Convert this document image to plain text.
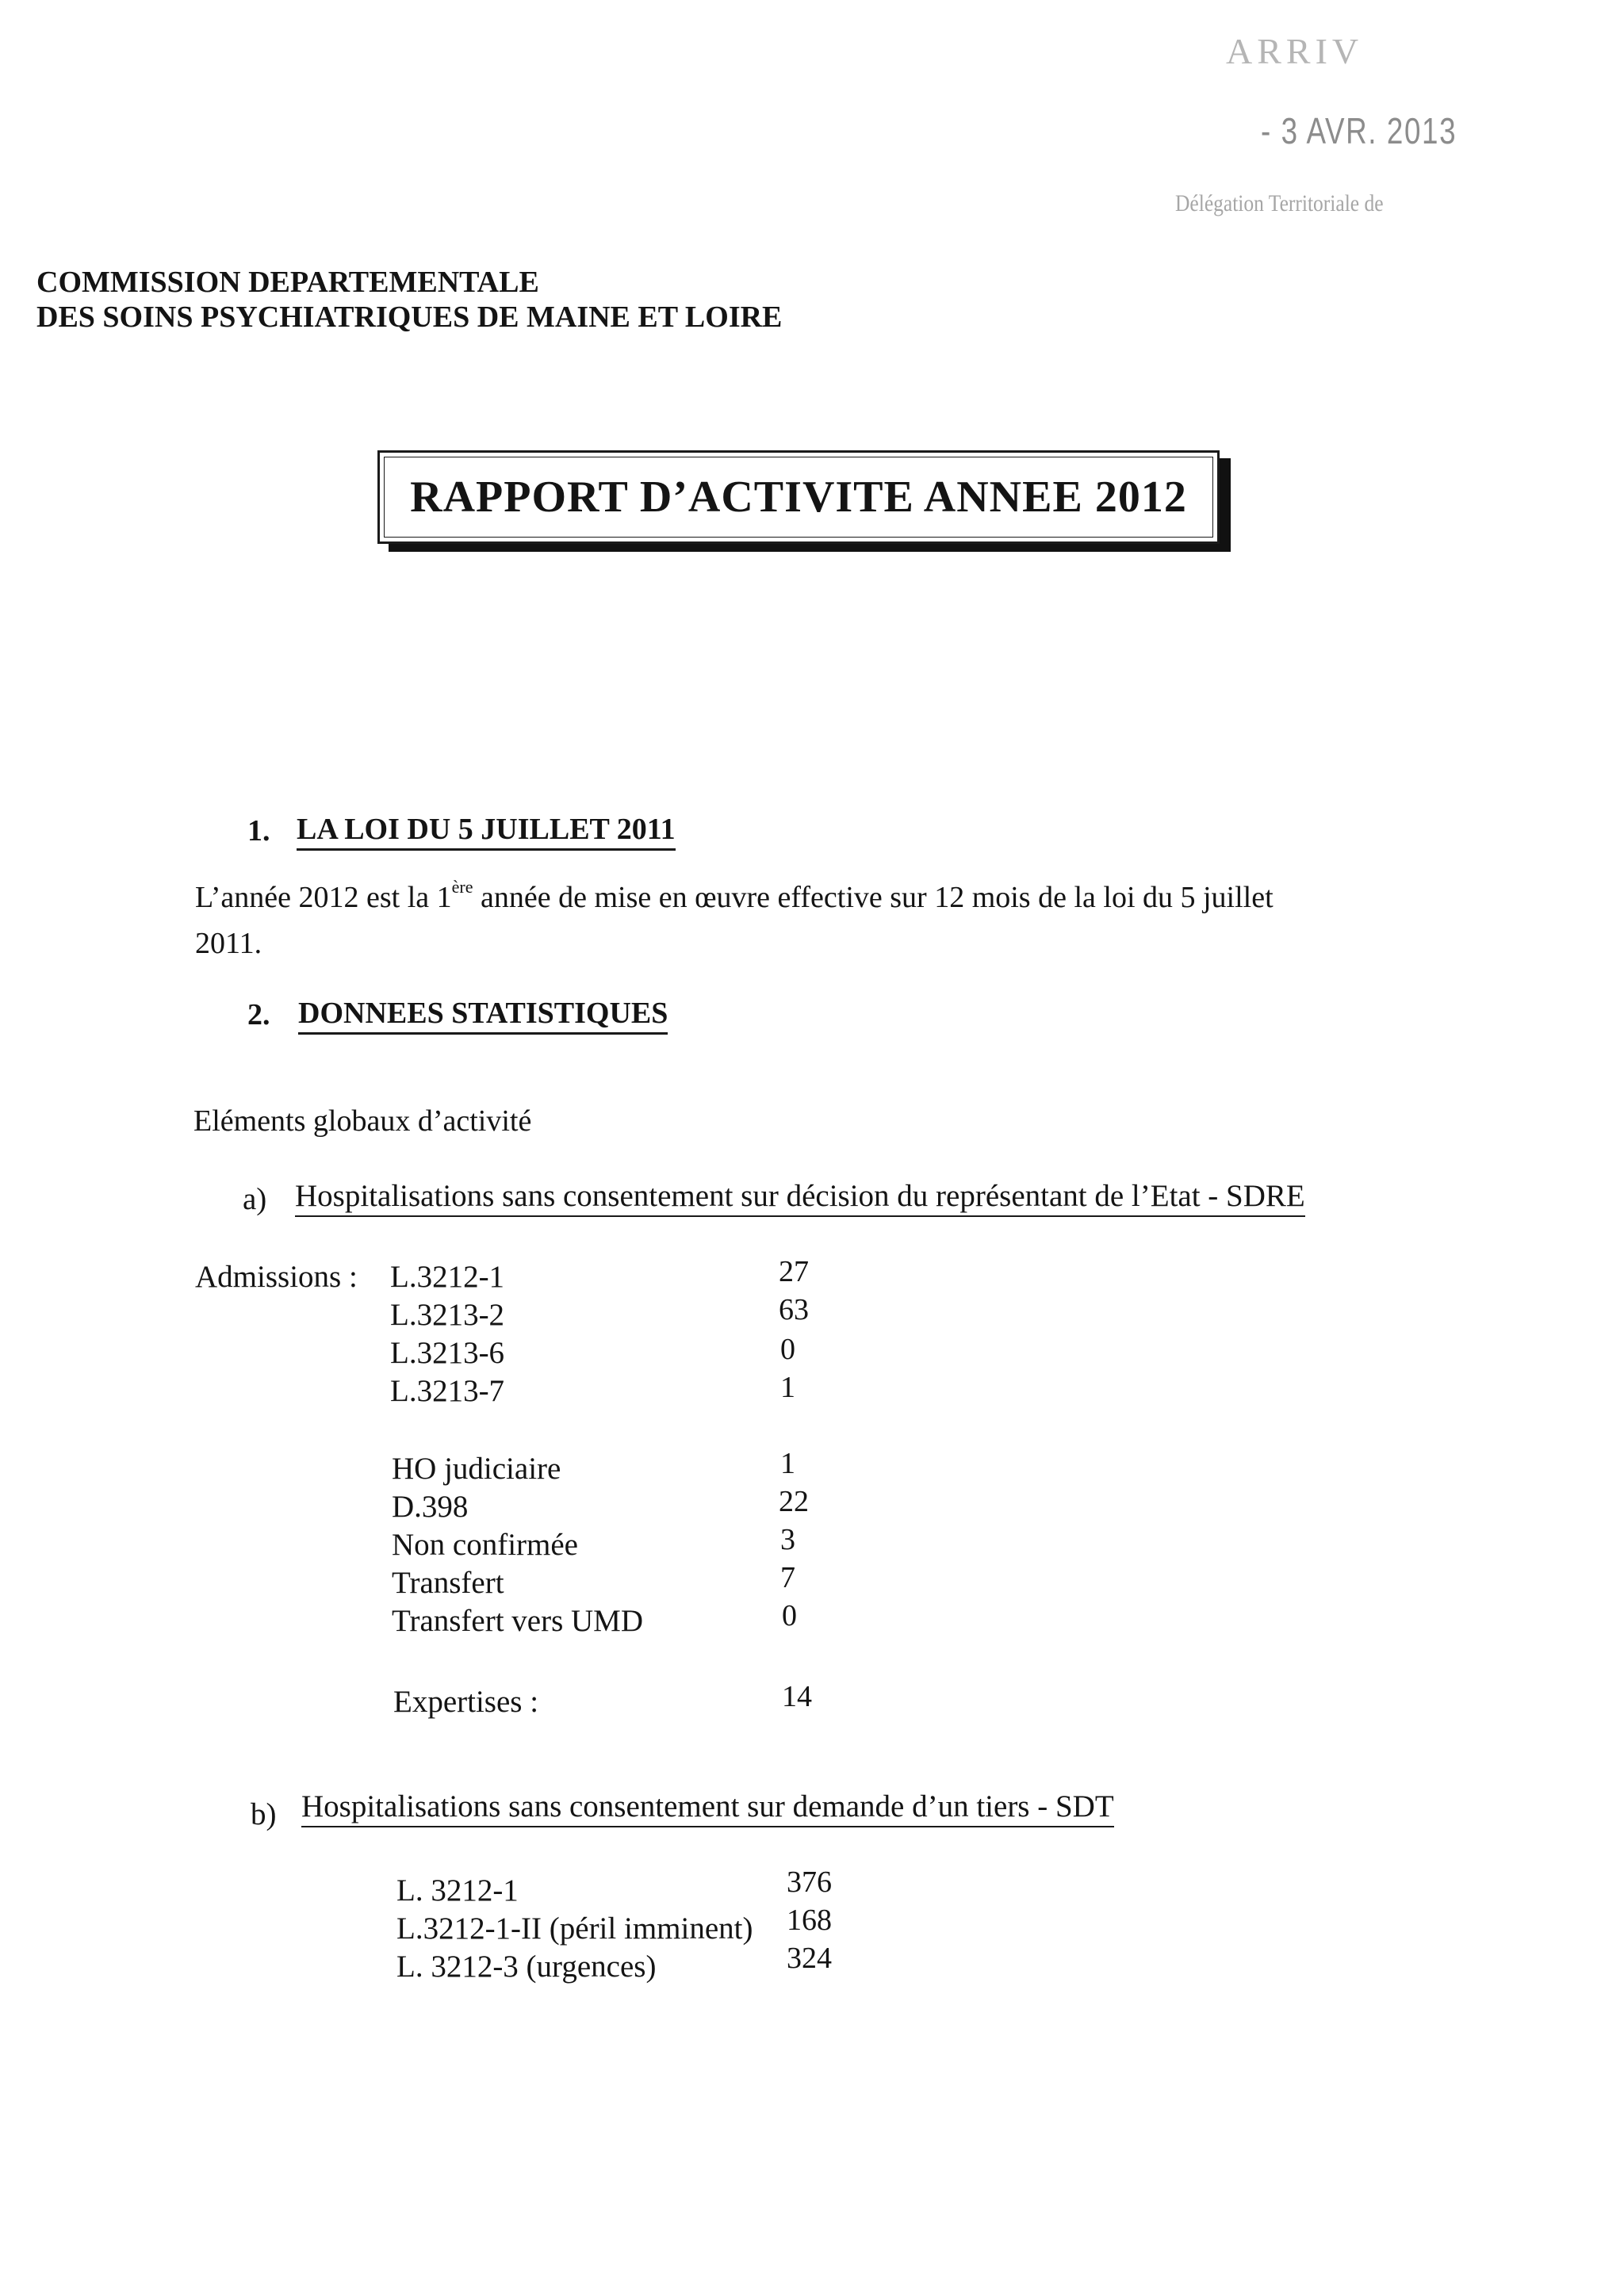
ARRIV
- 3 AVR. 2013
Délégation Territoriale de
COMMISSION DEPARTEMENTALE
DES SOINS PSYCHIATRIQUES DE MAINE ET LOIRE
RAPPORT D’ACTIVITE ANNEE 2012
1. LA LOI DU 5 JUILLET 2011
L’année 2012 est la 1ère année de mise en œuvre effective sur 12 mois de la loi du 5 juillet
2011.
2. DONNEES STATISTIQUES
Eléments globaux d’activité
a) Hospitalisations sans consentement sur décision du représentant de l’Etat - SDRE
Admissions : L.3212-1	27
L.3213-2	63
L.3213-6	0
L.3213-7	1
HO judiciaire	1
D.398	22
Non confirmée	3
Transfert	7
Transfert vers UMD	0
Expertises :	14
b) Hospitalisations sans consentement sur demande d’un tiers - SDT
L. 3212-1	376
L.3212-1-II (péril imminent) 168
L. 3212-3 (urgences)	324
